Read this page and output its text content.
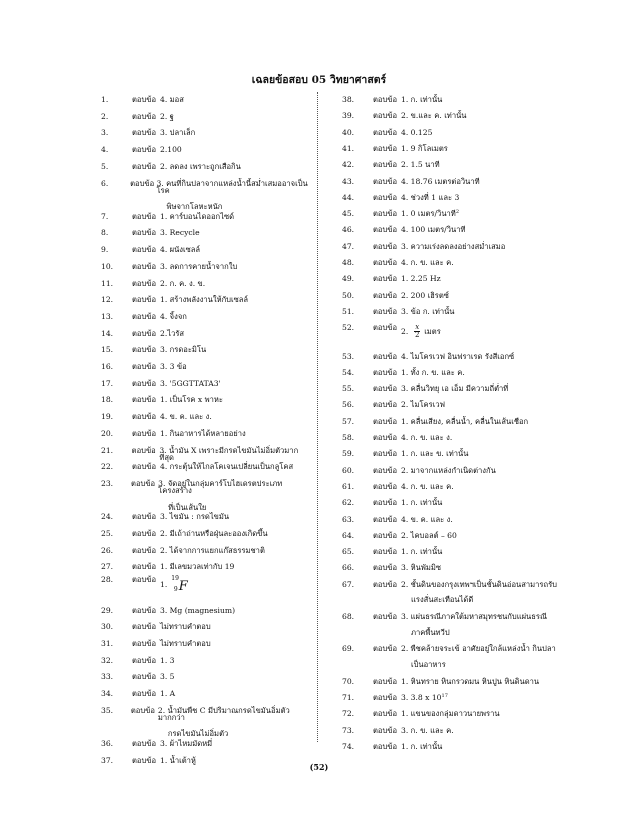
เฉลยข้อสอบ 05 วิทยาศาสตร์
1.	ตอบข้อ 4. มอส
2.	ตอบข้อ 2. ฐ
3.	ตอบข้อ 3. ปลาเล็ก
4.	ตอบข้อ 2.100
5.	ตอบข้อ 2. ลดลง เพราะถูกเสือกิน
6.	ตอบข้อ 3. คนที่กินปลาจากแหล่งน้ำนี้สม่ำเสมออาจเป็นโรค
พิษจากโลหะหนัก
7.	ตอบข้อ 1. คาร์บอนไดออกไซด์
8.	ตอบข้อ 3. Recycle
9.	ตอบข้อ 4. ผนังเซลล์
10.	ตอบข้อ 3. ลดการคายน้ำจากใบ
11.	ตอบข้อ 2. ก. ค. ง. ข.
12.	ตอบข้อ 1. สร้างพลังงานให้กับเซลล์
13.	ตอบข้อ 4. จิ้งจก
14.	ตอบข้อ 2.ไวรัส
15.	ตอบข้อ 3. กรดอะมิโน
16.	ตอบข้อ 3. 3 ข้อ
17.	ตอบข้อ 3. '5GGTTATA3'
18.	ตอบข้อ 1. เป็นโรค x พาหะ
19.	ตอบข้อ 4. ข. ค. และ ง.
20.	ตอบข้อ 1. กินอาหารได้หลายอย่าง
21.	ตอบข้อ 3. น้ำมัน X เพราะมีกรดไขมันไม่อิ่มตัวมากที่สุด
22.	ตอบข้อ 4. กระตุ้นให้ไกลโคเจนเปลี่ยนเป็นกลูโคส
23.	ตอบข้อ 3. จัดอยู่ในกลุ่มคาร์โบไฮเดรตประเภทโครงสร้าง
ที่เป็นเส้นใย
24.	ตอบข้อ 3. ไขมัน : กรดไขมัน
25.	ตอบข้อ 2. มีเถ้าถ่านหรือฝุ่นละอองเกิดขึ้น
26.	ตอบข้อ 2. ได้จากการแยกแก๊สธรรมชาติ
27.	ตอบข้อ 1. มีเลขมวลเท่ากับ 19
28.	ตอบข้อ
1.
19
9 F
29.	ตอบข้อ 3. Mg (magnesium)
30.	ตอบข้อ ไม่ทราบคำตอบ
31.	ตอบข้อ ไม่ทราบคำตอบ
32.	ตอบข้อ 1. 3
33.	ตอบข้อ 3. 5
34.	ตอบข้อ 1. A
35.	ตอบข้อ 2. น้ำมันพืช C มีปริมาณกรดไขมันอิ่มตัวมากกว่า
กรดไขมันไม่อิ่มตัว
36.	ตอบข้อ 3. ผ้าไหมมัดหมี่
37.	ตอบข้อ 1. น้ำเต้าหู้
38.	ตอบข้อ 1. ก. เท่านั้น
39.	ตอบข้อ 2. ข.และ ค. เท่านั้น
40.	ตอบข้อ 4. 0.125
41.	ตอบข้อ 1. 9 กิโลเมตร
42.	ตอบข้อ 2. 1.5 นาที
43.	ตอบข้อ 4. 18.76 เมตรต่อวินาที
44.	ตอบข้อ 4. ช่วงที่ 1 และ 3
45.	ตอบข้อ 1. 0 เมตร/วินาที 2
46.	ตอบข้อ 4. 100 เมตร/วินาที
47.	ตอบข้อ 3. ความเร่งลดลงอย่างสม่ำเสมอ
48.	ตอบข้อ 4. ก. ข. และ ค.
49.	ตอบข้อ 1. 2.25 Hz
50.	ตอบข้อ 2. 200 เฮิรตซ์
51.	ตอบข้อ 3. ข้อ ก. เท่านั้น
52.	ตอบข้อ 2. $\frac{x}{2}$ เมตร
53.	ตอบข้อ 4. ไมโครเวฟ อินฟราเรด รังสีเอกซ์
54.	ตอบข้อ 1. ทั้ง ก. ข. และ ค.
55.	ตอบข้อ 3. คลื่นวิทยุ เอ เอ็ม มีความถี่ต่ำที่
56.	ตอบข้อ 2. ไมโครเวฟ
57.	ตอบข้อ 1. คลื่นเสียง, คลื่นน้ำ, คลื่นในเส้นเชือก
58.	ตอบข้อ 4. ก. ข. และ ง.
59.	ตอบข้อ 1. ก. และ ข. เท่านั้น
60.	ตอบข้อ 2. มาจากแหล่งกำเนิดต่างกัน
61.	ตอบข้อ 4. ก. ข. และ ค.
62.	ตอบข้อ 1. ก. เท่านั้น
63.	ตอบข้อ 4. ข. ค. และ ง.
64.	ตอบข้อ 2. ไคบอลต์ – 60
65.	ตอบข้อ 1. ก. เท่านั้น
66.	ตอบข้อ 3. หินพัมมิซ
67.	ตอบข้อ 2. ชั้นดินของกรุงเทพฯเป็นชั้นดินอ่อนสามารถรับ
แรงสั่นสะเทือนได้ดี
68.	ตอบข้อ 3. แผ่นธรณีภาคใต้มหาสมุทรชนกับแผ่นธรณี
ภาคพื้นทวีป
69.	ตอบข้อ 2. พืชคล้ายจระเข้ อาศัยอยู่ใกล้แหล่งน้ำ กินปลา
เป็นอาหาร
70.	ตอบข้อ 1. หินทราย หินกรวดมน หินปูน หินดินดาน
71.	ตอบข้อ 3. 3.8 x 10 17
72.	ตอบข้อ 1. แขนของกลุ่มดาวนายพราน
73.	ตอบข้อ 3. ก. ข. และ ค.
74.	ตอบข้อ 1. ก. เท่านั้น
(52)
